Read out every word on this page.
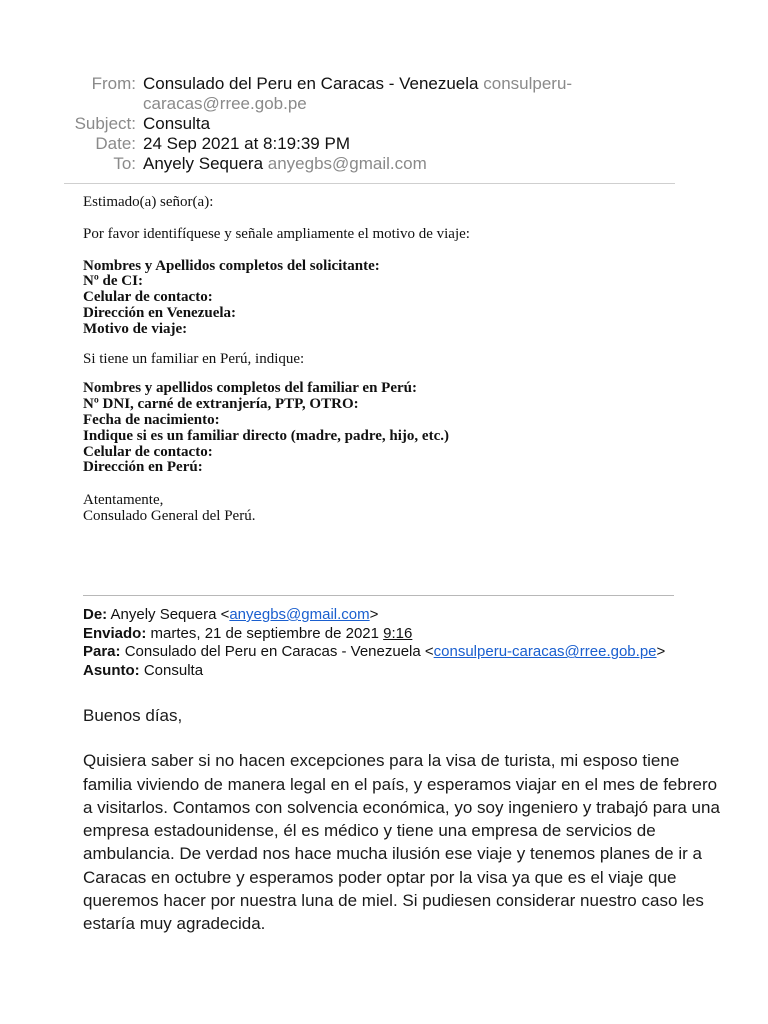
From: Consulado del Peru en Caracas - Venezuela consulperu-
caracas@rree.gob.pe
Subject: Consulta
Date: 24 Sep 2021 at 8:19:39 PM
To: Anyely Sequera anyegbs@gmail.com

Estimado(a) señor(a):

Por favor identifíquese y señale ampliamente el motivo de viaje:

Nombres y Apellidos completos del solicitante:

Nº de CI:

Celular de contacto:

Dirección en Venezuela:

Motivo de viaje:

Si tiene un familiar en Perú, indique:

Nombres y apellidos completos del familiar en Perú:

Nº DNI, carné de extranjería, PTP, OTRO:

Fecha de nacimiento:

Indique si es un familiar directo (madre, padre, hijo, etc.)

Celular de contacto:

Dirección en Perú:

Atentamente,

Consulado General del Perú.

De: Anyely Sequera <anyegbs@gmail.com>
Enviado: martes, 21 de septiembre de 2021 9:16
Para: Consulado del Peru en Caracas - Venezuela <consulperu-caracas@rree.gob.pe>
Asunto: Consulta

Buenos días,

Quisiera saber si no hacen excepciones para la visa de turista, mi esposo tiene familia viviendo de manera legal en el país, y esperamos viajar en el mes de febrero a visitarlos. Contamos con solvencia económica, yo soy ingeniero y trabajó para una empresa estadounidense, él es médico y tiene una empresa de servicios de ambulancia. De verdad nos hace mucha ilusión ese viaje y tenemos planes de ir a Caracas en octubre y esperamos poder optar por la visa ya que es el viaje que queremos hacer por nuestra luna de miel. Si pudiesen considerar nuestro caso les estaría muy agradecida.
